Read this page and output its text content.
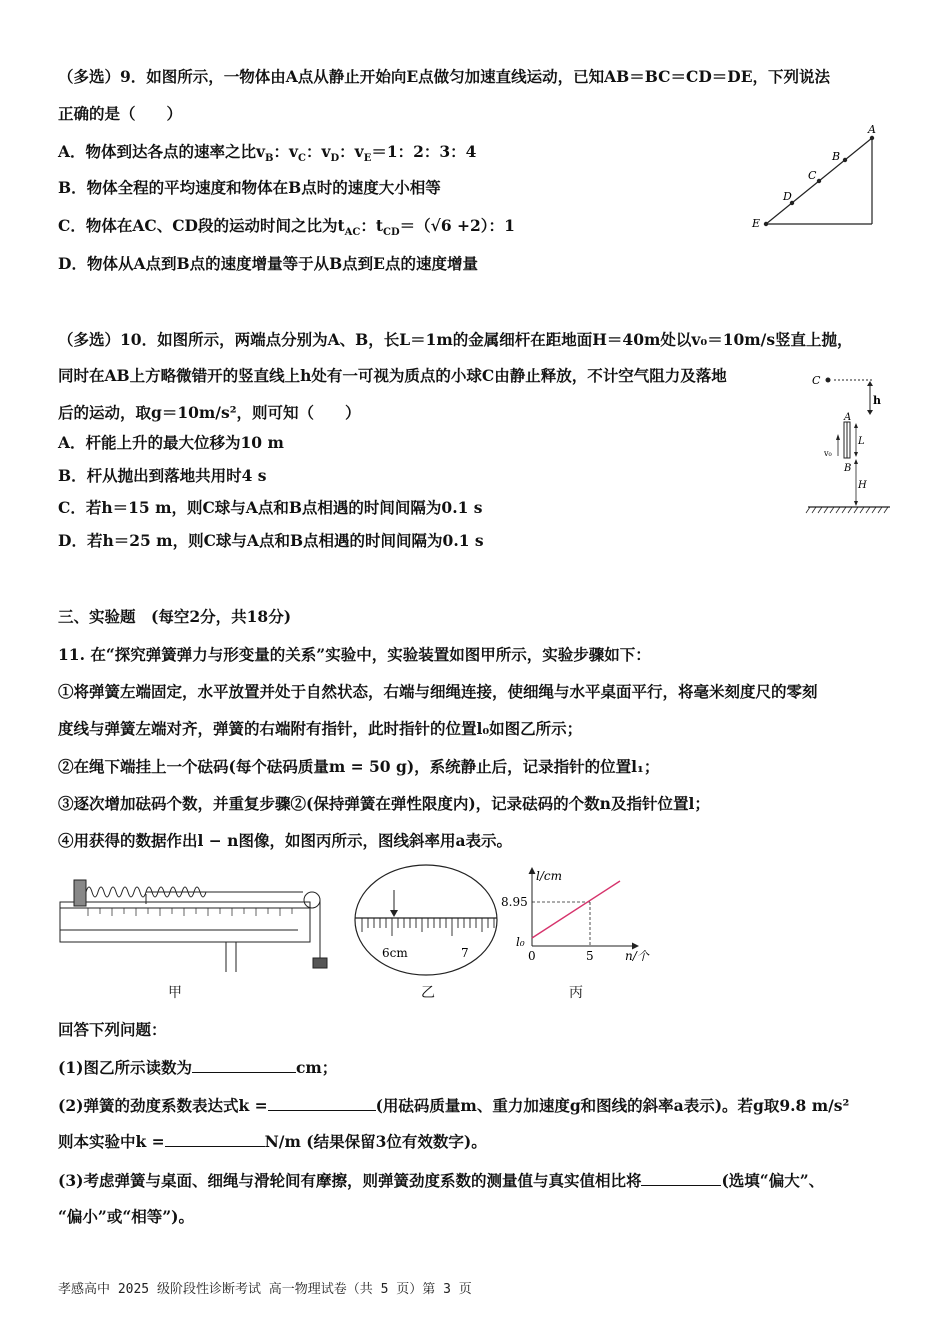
（多选）9．如图所示，一物体由A点从静止开始向E点做匀加速直线运动，已知AB＝BC＝CD＝DE，下列说法
正确的是（　　）
A．物体到达各点的速率之比$v_B$：$v_C$：$v_D$：$v_E=1$：2：3：4
B．物体全程的平均速度和物体在B点时的速度大小相等
C．物体在AC、CD段的运动时间之比为$t_{AC}$：$t_{CD}=(√6 +2)$：1
D．物体从A点到B点的速度增量等于从B点到E点的速度增量
A
B
C
D
E
（多选）10．如图所示，两端点分别为A、B，长L＝1m的金属细杆在距地面H＝40m处以v₀＝10m/s竖直上抛，
同时在AB上方略微错开的竖直线上h处有一可视为质点的小球C由静止释放，不计空气阻力及落地
后的运动，取g＝10m/s²，则可知（　　）
A．杆能上升的最大位移为10 m
B．杆从抛出到落地共用时4 s
C．若h＝15 m，则C球与A点和B点相遇的时间间隔为0.1 s
D．若h＝25 m，则C球与A点和B点相遇的时间间隔为0.1 s
C
h
A
L
v₀
B
H
三、实验题　(每空2分，共18分)
11. 在“探究弹簧弹力与形变量的关系”实验中，实验装置如图甲所示，实验步骤如下：
①将弹簧左端固定，水平放置并处于自然状态，右端与细绳连接，使细绳与水平桌面平行，将毫米刻度尺的零刻
度线与弹簧左端对齐，弹簧的右端附有指针，此时指针的位置l₀如图乙所示；
②在绳下端挂上一个砝码(每个砝码质量m = 50 g)，系统静止后，记录指针的位置l₁；
③逐次增加砝码个数，并重复步骤②(保持弹簧在弹性限度内)，记录砝码的个数n及指针位置l；
④用获得的数据作出l − n图像，如图丙所示，图线斜率用a表示。
6cm	7
l/cm
n/个
8.95
l₀
0	5
甲	乙	丙
回答下列问题：
(1)图乙所示读数为	cm；
(2)弹簧的劲度系数表达式k =	(用砝码质量m、重力加速度g和图线的斜率a表示)。若g取9.8 m/s²
则本实验中k =	N/m (结果保留3位有效数字)。
(3)考虑弹簧与桌面、细绳与滑轮间有摩擦，则弹簧劲度系数的测量值与真实值相比将	(选填“偏大”、
“偏小”或“相等”)。
孝感高中 2025 级阶段性诊断考试 高一物理试卷（共 5 页）第 3 页
